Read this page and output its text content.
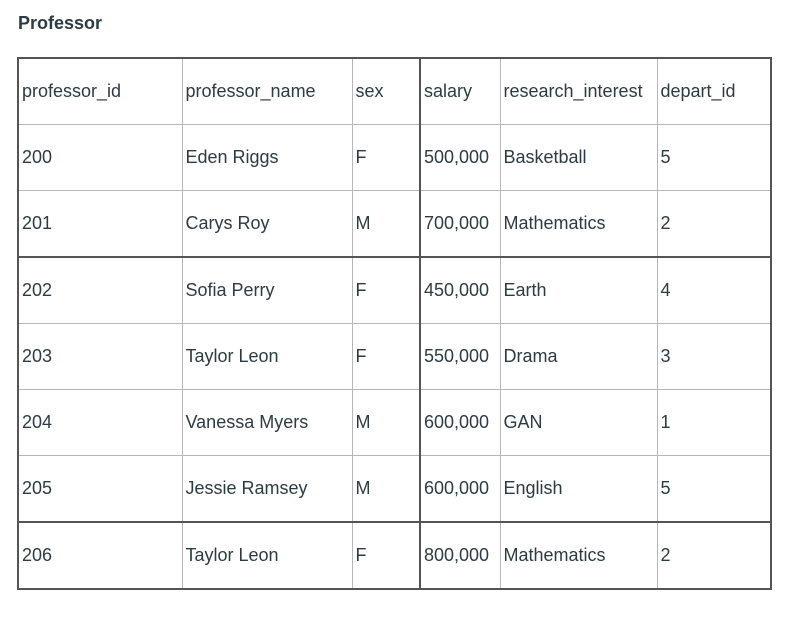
Professor
professor_id	professor_name	sex	salary	research_interest	depart_id
200	Eden Riggs	F	500,000	Basketball	5
201	Carys Roy	M	700,000	Mathematics	2
202	Sofia Perry	F	450,000	Earth	4
203	Taylor Leon	F	550,000	Drama	3
204	Vanessa Myers	M	600,000	GAN	1
205	Jessie Ramsey	M	600,000	English	5
206	Taylor Leon	F	800,000	Mathematics	2
